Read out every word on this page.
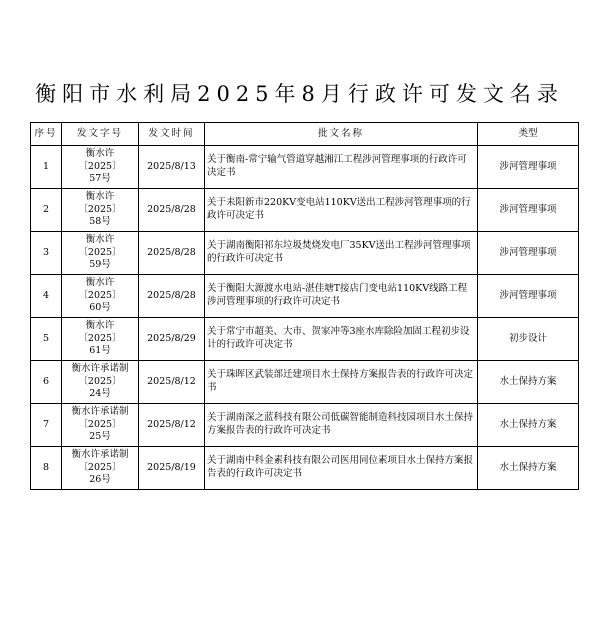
衡阳市水利局2025年8月行政许可发文名录
序号	发文字号	发文时间	批文名称	类型
1	衡水许
〔2025〕
57号	2025/8/13	关于衡南-常宁输气管道穿越湘江工程涉河管理事项的行政许可决定书	涉河管理事项
2	衡水许
〔2025〕
58号	2025/8/28	关于耒阳新市220KV变电站110KV送出工程涉河管理事项的行政许可决定书	涉河管理事项
3	衡水许
〔2025〕
59号	2025/8/28	关于湖南衡阳祁东垃圾焚烧发电厂35KV送出工程涉河管理事项的行政许可决定书	涉河管理事项
4	衡水许
〔2025〕
60号	2025/8/28	关于衡阳大源渡水电站-湛佳塘T接店门变电站110KV线路工程涉河管理事项的行政许可决定书	涉河管理事项
5	衡水许
〔2025〕
61号	2025/8/29	关于常宁市超美、大市、贺家冲等3座水库除险加固工程初步设计的行政许可决定书	初步设计
6	衡水许承诺制
〔2025〕
24号	2025/8/12	关于珠晖区武装部迁建项目水土保持方案报告表的行政许可决定书	水土保持方案
7	衡水许承诺制
〔2025〕
25号	2025/8/12	关于湖南深之蓝科技有限公司低碳智能制造科技园项目水土保持方案报告表的行政许可决定书	水土保持方案
8	衡水许承诺制
〔2025〕
26号	2025/8/19	关于湖南中科金素科技有限公司医用同位素项目水土保持方案报告表的行政许可决定书	水土保持方案
